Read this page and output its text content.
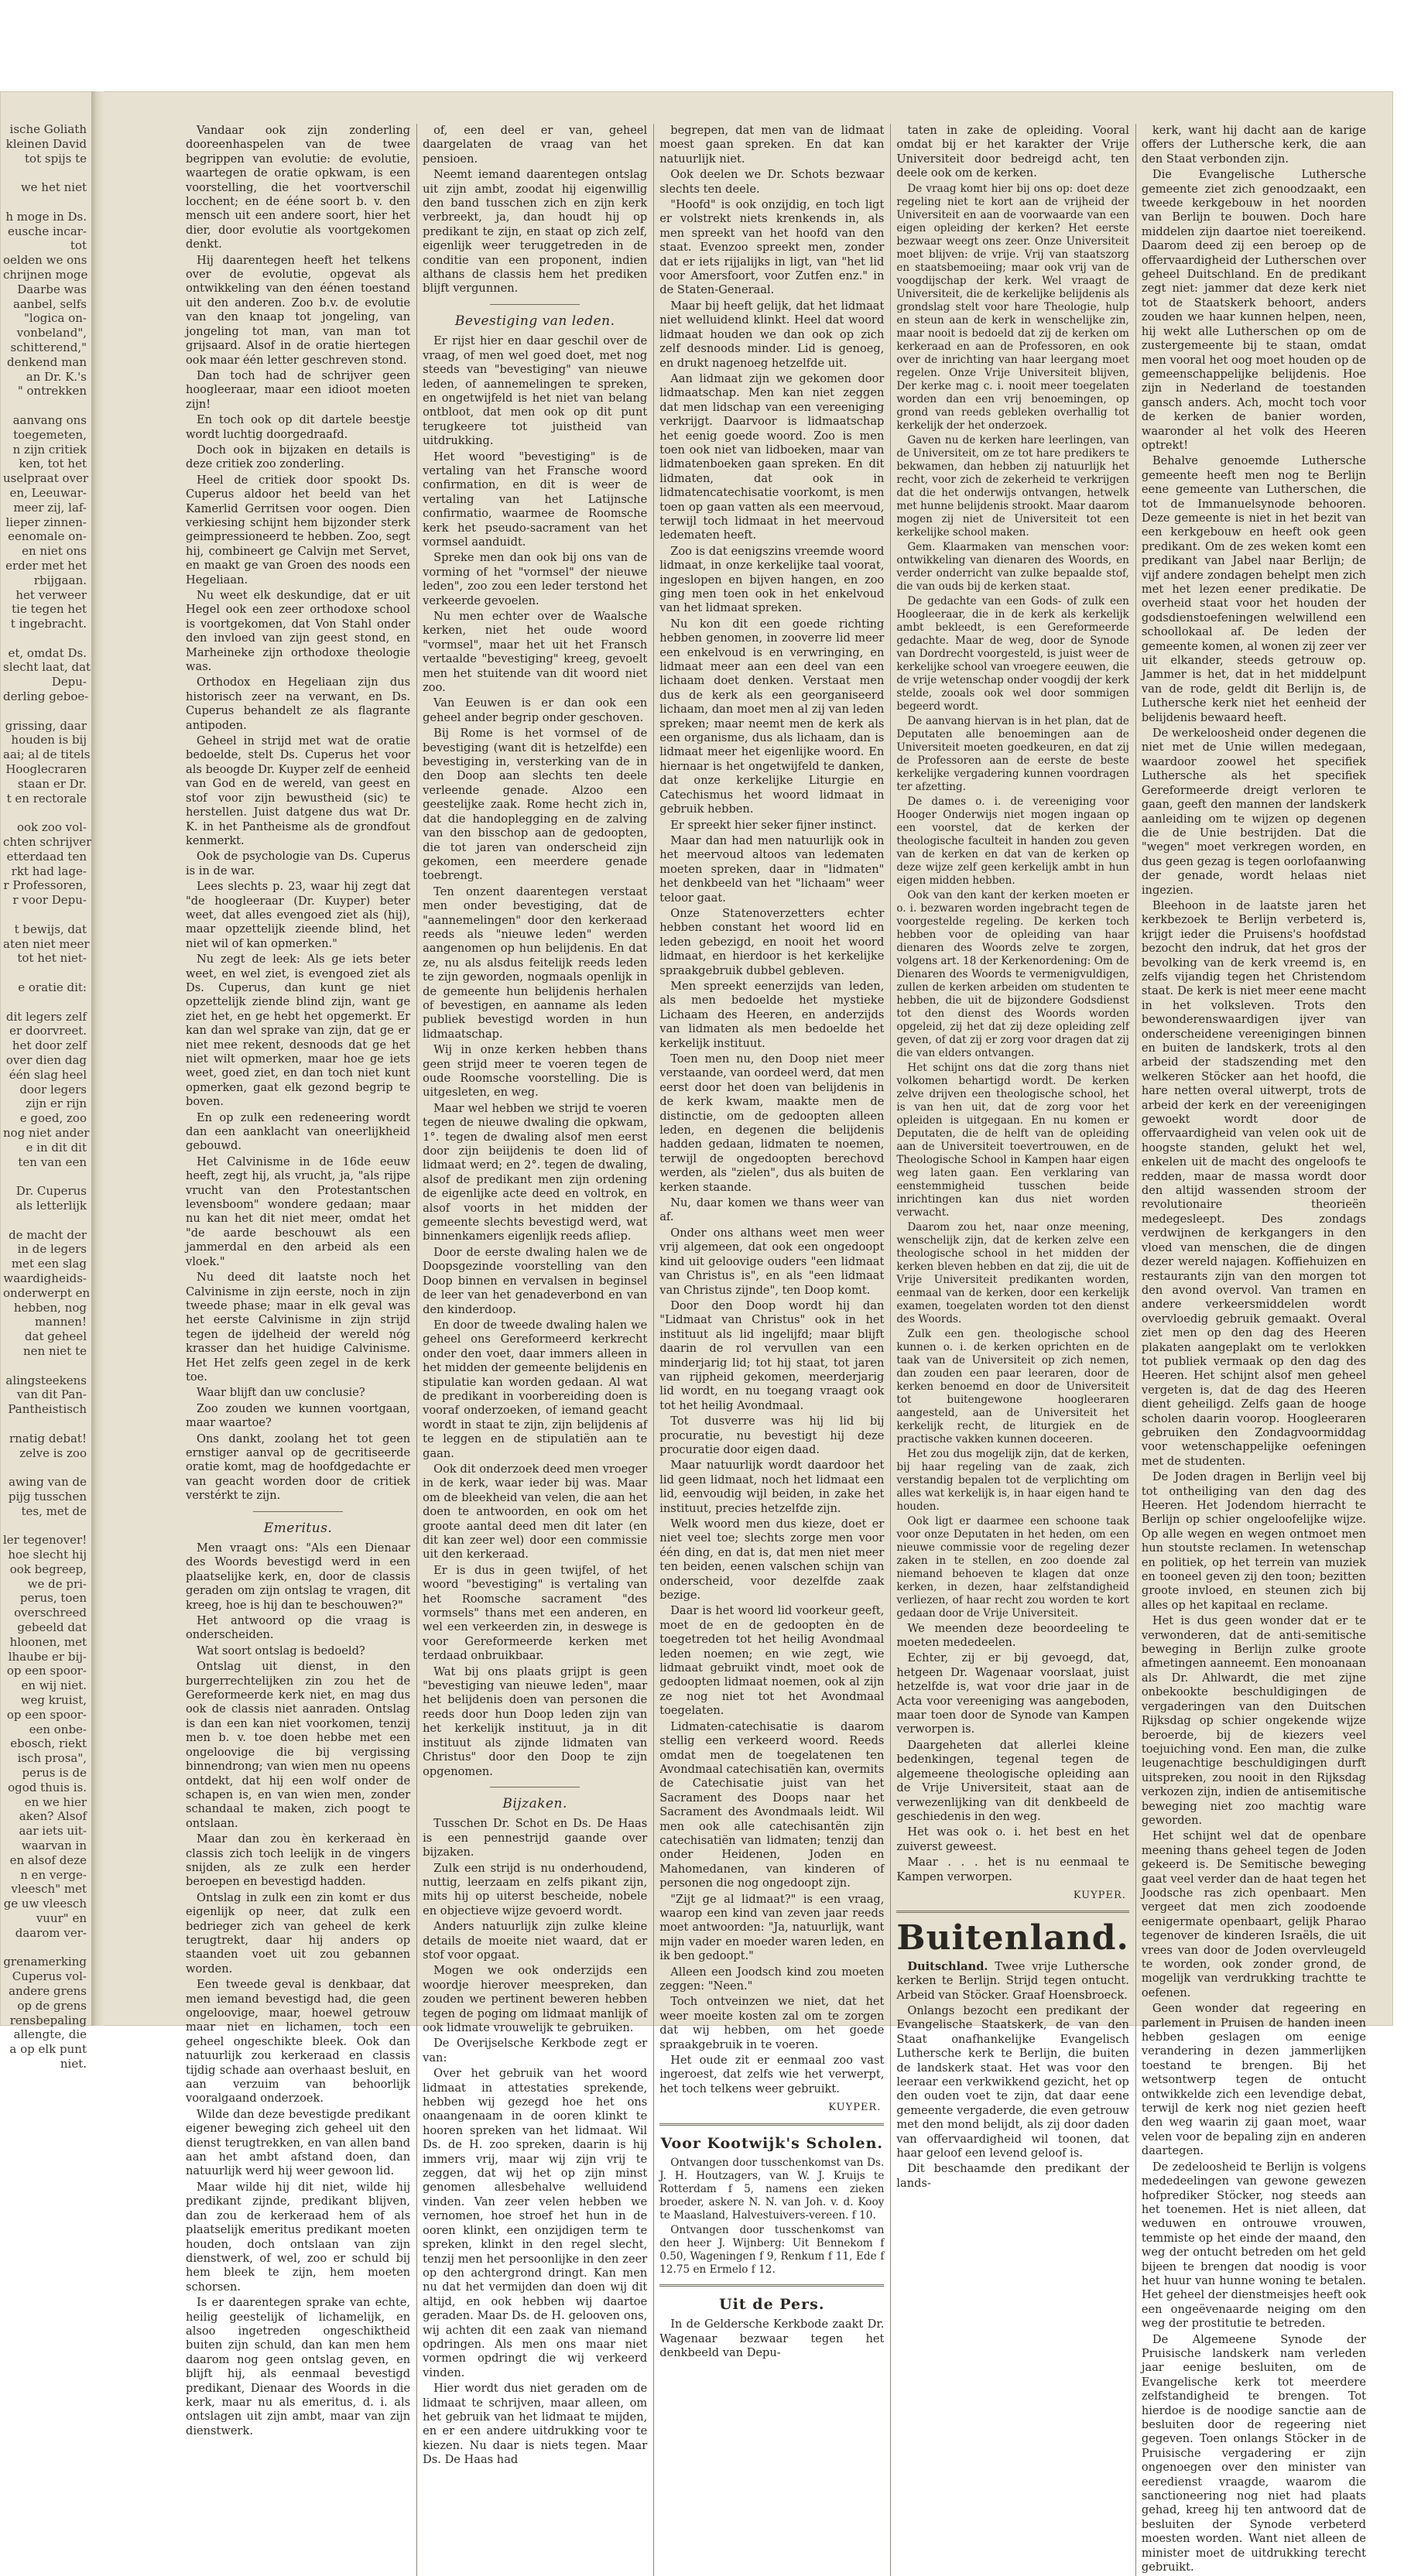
ische Goliath
kleinen David
tot spijs te

we het niet

h moge in Ds.
eusche incar-
tot
oelden we ons
chrijnen moge
Daarbe was
aanbel, selfs
"logica on-
vonbeland",
schitterend,"
denkend man
an Dr. K.'s
" ontrekken

aanvang ons
toegemeten,
n zijn critiek
ken, tot het
uselpraat over
en, Leeuwar-
meer zij, laf-
lieper zinnen-
eenomale on-
en niet ons
erder met het
rbijgaan.
het verweer
tie tegen het
t ingebracht.

et, omdat Ds.
slecht laat, dat
Depu-
derling geboe-

grissing, daar
houden is bij
aai; al de titels
Hooglecraren
staan er Dr.
t en rectorale

ook zoo vol-
chten schrijver
etterdaad ten
rkt had lage-
r Professoren,
r voor Depu-

t bewijs, dat
aten niet meer
tot het niet-

e oratie dit:

dit legers zelf
er doorvreet.
het door zelf
over dien dag
één slag heel
door legers
zijn er rijn
e goed, zoo
nog niet ander
e in dit dit
ten van een

Dr. Cuperus
als letterlijk

de macht der
in de legers
met een slag
waardigheids-
onderwerpt en
hebben, nog
mannen!
dat geheel
nen niet te

alingsteekens
van dit Pan-
Pantheistisch

rnatig debat!
zelve is zoo

awing van de
pijg tusschen
tes, met de

ler tegenover!
hoe slecht hij
ook begreep,
we de pri-
perus, toen
overschreed
gebeeld dat
hloonen, met
lhaube er bij-
op een spoor-
en wij niet.
weg kruist,
op een spoor-
een onbe-
ebosch, riekt
isch prosa",
perus is de
ogod thuis is.
en we hier
aken? Alsof
aar iets uit-
waarvan in
en alsof deze
n en verge-
vleesch" met
ge uw vleesch
vuur" en
daarom ver-

grenamerking
Cuperus vol-
andere grens
op de grens
rensbepaling
allengte, die
a op elk punt
niet.

Vandaar ook zijn zonderling dooreenhaspelen van de twee begrippen van evolutie: de evolutie, waartegen de oratie opkwam, is een voorstelling, die het voortverschil locchent; en de ééne soort b. v. den mensch uit een andere soort, hier het dier, door evolutie als voortgekomen denkt.

Hij daarentegen heeft het telkens over de evolutie, opgevat als ontwikkeling van den éénen toestand uit den anderen. Zoo b.v. de evolutie van den knaap tot jongeling, van jongeling tot man, van man tot grijsaard. Alsof in de oratie hiertegen ook maar één letter geschreven stond.

Dan toch had de schrijver geen hoogleeraar, maar een idioot moeten zijn!

En toch ook op dit dartele beestje wordt luchtig doorgedraafd.

Doch ook in bijzaken en details is deze critiek zoo zonderling.

Heel de critiek door spookt Ds. Cuperus aldoor het beeld van het Kamerlid Gerritsen voor oogen. Dien verkiesing schijnt hem bijzonder sterk geimpressioneerd te hebben. Zoo, segt hij, combineert ge Calvijn met Servet, en maakt ge van Groen des noods een Hegeliaan.

Nu weet elk deskundige, dat er uit Hegel ook een zeer orthodoxe school is voortgekomen, dat Von Stahl onder den invloed van zijn geest stond, en Marheineke zijn orthodoxe theologie was.

Orthodox en Hegeliaan zijn dus historisch zeer na verwant, en Ds. Cuperus behandelt ze als flagrante antipoden.

Geheel in strijd met wat de oratie bedoelde, stelt Ds. Cuperus het voor als beoogde Dr. Kuyper zelf de eenheid van God en de wereld, van geest en stof voor zijn bewustheid (sic) te herstellen. Juist datgene dus wat Dr. K. in het Pantheisme als de grondfout kenmerkt.

Ook de psychologie van Ds. Cuperus is in de war.

Lees slechts p. 23, waar hij zegt dat "de hoogleeraar (Dr. Kuyper) beter weet, dat alles evengoed ziet als (hij), maar opzettelijk zieende blind, het niet wil of kan opmerken."

Nu zegt de leek: Als ge iets beter weet, en wel ziet, is evengoed ziet als Ds. Cuperus, dan kunt ge niet opzettelijk ziende blind zijn, want ge ziet het, en ge hebt het opgemerkt. Er kan dan wel sprake van zijn, dat ge er niet mee rekent, desnoods dat ge het niet wilt opmerken, maar hoe ge iets weet, goed ziet, en dan toch niet kunt opmerken, gaat elk gezond begrip te boven.

En op zulk een redeneering wordt dan een aanklacht van oneerlijkheid gebouwd.

Het Calvinisme in de 16de eeuw heeft, zegt hij, als vrucht, ja, "als rijpe vrucht van den Protestantschen levensboom" wondere gedaan; maar nu kan het dit niet meer, omdat het "de aarde beschouwt als een jammerdal en den arbeid als een vloek."

Nu deed dit laatste noch het Calvinisme in zijn eerste, noch in zijn tweede phase; maar in elk geval was het eerste Calvinisme in zijn strijd tegen de ijdelheid der wereld nóg krasser dan het huidige Calvinisme. Het Het zelfs geen zegel in de kerk toe.

Waar blijft dan uw conclusie?

Zoo zouden we kunnen voortgaan, maar waartoe?

Ons dankt, zoolang het tot geen ernstiger aanval op de gecritiseerde oratie komt, mag de hoofdgedachte er van geacht worden door de critiek verstérkt te zijn.

Emeritus.

Men vraagt ons: "Als een Dienaar des Woords bevestigd werd in een plaatselijke kerk, en, door de classis geraden om zijn ontslag te vragen, dit kreeg, hoe is hij dan te beschouwen?"

Het antwoord op die vraag is onderscheiden.

Wat soort ontslag is bedoeld?

Ontslag uit dienst, in den burgerrechtelijken zin zou het de Gereformeerde kerk niet, en mag dus ook de classis niet aanraden. Ontslag is dan een kan niet voorkomen, tenzij men b. v. toe doen hebbe met een ongeloovige die bij vergissing binnendrong; van wien men nu opeens ontdekt, dat hij een wolf onder de schapen is, en van wien men, zonder schandaal te maken, zich poogt te ontslaan.

Maar dan zou èn kerkeraad èn classis zich toch leelijk in de vingers snijden, als ze zulk een herder beroepen en bevestigd hadden.

Ontslag in zulk een zin komt er dus eigenlijk op neer, dat zulk een bedrieger zich van geheel de kerk terugtrekt, daar hij anders op staanden voet uit zou gebannen worden.

Een tweede geval is denkbaar, dat men iemand bevestigd had, die geen ongeloovige, maar, hoewel getrouw maar niet en lichamen, toch een geheel ongeschikte bleek. Ook dan natuurlijk zou kerkeraad en classis tijdig schade aan overhaast besluit, en aan verzuim van behoorlijk vooralgaand onderzoek.

Wilde dan deze bevestigde predikant eigener beweging zich geheel uit den dienst terugtrekken, en van allen band aan het ambt afstand doen, dan natuurlijk werd hij weer gewoon lid.

Maar wilde hij dit niet, wilde hij predikant zijnde, predikant blijven, dan zou de kerkeraad hem of als plaatselijk emeritus predikant moeten houden, doch ontslaan van zijn dienstwerk, of wel, zoo er schuld bij hem bleek te zijn, hem moeten schorsen.

Is er daarentegen sprake van echte, heilig geestelijk of lichamelijk, en alsoo ingetreden ongeschiktheid buiten zijn schuld, dan kan men hem daarom nog geen ontslag geven, en blijft hij, als eenmaal bevestigd predikant, Dienaar des Woords in die kerk, maar nu als emeritus, d. i. als ontslagen uit zijn ambt, maar van zijn dienstwerk.

of, een deel er van, geheel daargelaten de vraag van het pensioen.

Neemt iemand daarentegen ontslag uit zijn ambt, zoodat hij eigenwillig den band tusschen zich en zijn kerk verbreekt, ja, dan houdt hij op predikant te zijn, en staat op zich zelf, eigenlijk weer teruggetreden in de conditie van een proponent, indien althans de classis hem het prediken blijft vergunnen.

Bevestiging van leden.

Er rijst hier en daar geschil over de vraag, of men wel goed doet, met nog steeds van "bevestiging" van nieuwe leden, of aannemelingen te spreken, en ongetwijfeld is het niet van belang ontbloot, dat men ook op dit punt terugkeere tot juistheid van uitdrukking.

Het woord "bevestiging" is de vertaling van het Fransche woord confirmation, en dit is weer de vertaling van het Latijnsche confirmatio, waarmee de Roomsche kerk het pseudo-sacrament van het vormsel aanduidt.

Spreke men dan ook bij ons van de vorming of het "vormsel" der nieuwe leden", zoo zou een leder terstond het verkeerde gevoelen.

Nu men echter over de Waalsche kerken, niet het oude woord "vormsel", maar het uit het Fransch vertaalde "bevestiging" kreeg, gevoelt men het stuitende van dit woord niet zoo.

Van Eeuwen is er dan ook een geheel ander begrip onder geschoven.

Bij Rome is het vormsel of de bevestiging (want dit is hetzelfde) een bevestiging in, versterking van de in den Doop aan slechts ten deele verleende genade. Alzoo een geestelijke zaak. Rome hecht zich in, dat die handoplegging en de zalving van den bisschop aan de gedoopten, die tot jaren van onderscheid zijn gekomen, een meerdere genade toebrengt.

Ten onzent daarentegen verstaat men onder bevestiging, dat de "aannemelingen" door den kerkeraad reeds als "nieuwe leden" werden aangenomen op hun belijdenis. En dat ze, nu als alsdus feitelijk reeds leden te zijn geworden, nogmaals openlijk in de gemeente hun belijdenis herhalen of bevestigen, en aanname als leden publiek bevestigd worden in hun lidmaatschap.

Wij in onze kerken hebben thans geen strijd meer te voeren tegen de oude Roomsche voorstelling. Die is uitgesleten, en weg.

Maar wel hebben we strijd te voeren tegen de nieuwe dwaling die opkwam, 1°. tegen de dwaling alsof men eerst door zijn beiijdenis te doen lid of lidmaat werd; en 2°. tegen de dwaling, alsof de predikant men zijn ordening de eigenlijke acte deed en voltrok, en alsof voorts in het midden der gemeente slechts bevestigd werd, wat binnenkamers eigenlijk reeds afliep.

Door de eerste dwaling halen we de Doopsgezinde voorstelling van den Doop binnen en vervalsen in beginsel de leer van het genadeverbond en van den kinderdoop.

En door de tweede dwaling halen we geheel ons Gereformeerd kerkrecht onder den voet, daar immers alleen in het midden der gemeente belijdenis en stipulatie kan worden gedaan. Al wat de predikant in voorbereiding doen is vooraf onderzoeken, of iemand geacht wordt in staat te zijn, zijn belijdenis af te leggen en de stipulatiën aan te gaan.

Ook dit onderzoek deed men vroeger in de kerk, waar ieder bij was. Maar om de bleekheid van velen, die aan het doen te antwoorden, en ook om het groote aantal deed men dit later (en dit kan zeer wel) door een commissie uit den kerkeraad.

Er is dus in geen twijfel, of het woord "bevestiging" is vertaling van het Roomsche sacrament "des vormsels" thans met een anderen, en wel een verkeerden zin, in deswege is voor Gereformeerde kerken met terdaad onbruikbaar.

Wat bij ons plaats grijpt is geen "bevestiging van nieuwe leden", maar het belijdenis doen van personen die reeds door hun Doop leden zijn van het kerkelijk instituut, ja in dit instituut als zijnde lidmaten van Christus" door den Doop te zijn opgenomen.

Bijzaken.

Tusschen Dr. Schot en Ds. De Haas is een pennestrijd gaande over bijzaken.

Zulk een strijd is nu onderhoudend, nuttig, leerzaam en zelfs pikant zijn, mits hij op uiterst bescheide, nobele en objectieve wijze gevoerd wordt.

Anders natuurlijk zijn zulke kleine details de moeite niet waard, dat er stof voor opgaat.

Mogen we ook onderzijds een woordje hierover meespreken, dan zouden we pertinent beweren hebben tegen de poging om lidmaat manlijk of ook lidmate vrouwelijk te gebruiken.

De Overijselsche Kerkbode zegt er van:

Over het gebruik van het woord lidmaat in attestaties sprekende, hebben wij gezegd hoe het ons onaangenaam in de ooren klinkt te hooren spreken van het lidmaat. Wil Ds. de H. zoo spreken, daarin is hij immers vrij, maar wij zijn vrij te zeggen, dat wij het op zijn minst genomen allesbehalve welluidend vinden. Van zeer velen hebben we vernomen, hoe stroef het hun in de ooren klinkt, een onzijdigen term te spreken, klinkt in den regel slecht, tenzij men het persoonlijke in den zeer op den achtergrond dringt. Kan men nu dat het vermijden dan doen wij dit altijd, en ook hebben wij daartoe geraden. Maar Ds. de H. gelooven ons, wij achten dit een zaak van niemand opdringen. Als men ons maar niet vormen opdringt die wij verkeerd vinden.

Hier wordt dus niet geraden om de lidmaat te schrijven, maar alleen, om het gebruik van het lidmaat te mijden, en er een andere uitdrukking voor te kiezen. Nu daar is niets tegen. Maar Ds. De Haas had

begrepen, dat men van de lidmaat moest gaan spreken. En dat kan natuurlijk niet.

Ook deelen we Dr. Schots bezwaar slechts ten deele.

"Hoofd" is ook onzijdig, en toch ligt er volstrekt niets krenkends in, als men spreekt van het hoofd van den staat. Evenzoo spreekt men, zonder dat er iets rijjalijks in ligt, van "het lid voor Amersfoort, voor Zutfen enz." in de Staten-Generaal.

Maar bij heeft gelijk, dat het lidmaat niet welluidend klinkt. Heel dat woord lidmaat houden we dan ook op zich zelf desnoods minder. Lid is genoeg, en drukt nagenoeg hetzelfde uit.

Aan lidmaat zijn we gekomen door lidmaatschap. Men kan niet zeggen dat men lidschap van een vereeniging verkrijgt. Daarvoor is lidmaatschap het eenig goede woord. Zoo is men toen ook niet van lidboeken, maar van lidmatenboeken gaan spreken. En dit lidmaten, dat ook in lidmatencatechisatie voorkomt, is men toen op gaan vatten als een meervoud, terwijl toch lidmaat in het meervoud ledematen heeft.

Zoo is dat eenigszins vreemde woord lidmaat, in onze kerkelijke taal voorat, ingeslopen en bijven hangen, en zoo ging men toen ook in het enkelvoud van het lidmaat spreken.

Nu kon dit een goede richting hebben genomen, in zooverre lid meer een enkelvoud is en verwringing, en lidmaat meer aan een deel van een lichaam doet denken. Verstaat men dus de kerk als een georganiseerd lichaam, dan moet men al zij van leden spreken; maar neemt men de kerk als een organisme, dus als lichaam, dan is lidmaat meer het eigenlijke woord. En hiernaar is het ongetwijfeld te danken, dat onze kerkelijke Liturgie en Catechismus het woord lidmaat in gebruik hebben.

Er spreekt hier seker fijner instinct.

Maar dan had men natuurlijk ook in het meervoud altoos van ledematen moeten spreken, daar in "lidmaten" het denkbeeld van het "lichaam" weer teloor gaat.

Onze Statenoverzetters echter hebben constant het woord lid en leden gebezigd, en nooit het woord lidmaat, en hierdoor is het kerkelijke spraakgebruik dubbel gebleven.

Men spreekt eenerzijds van leden, als men bedoelde het mystieke Lichaam des Heeren, en anderzijds van lidmaten als men bedoelde het kerkelijk instituut.

Toen men nu, den Doop niet meer verstaande, van oordeel werd, dat men eerst door het doen van belijdenis in de kerk kwam, maakte men de distinctie, om de gedoopten alleen leden, en degenen die belijdenis hadden gedaan, lidmaten te noemen, terwijl de ongedoopten berechovd werden, als "zielen", dus als buiten de kerken staande.

Nu, daar komen we thans weer van af.

Onder ons althans weet men weer vrij algemeen, dat ook een ongedoopt kind uit geloovige ouders "een lidmaat van Christus is", en als "een lidmaat van Christus zijnde", ten Doop komt.

Door den Doop wordt hij dan "Lidmaat van Christus" ook in het instituut als lid ingelijfd; maar blijft daarin de rol vervullen van een minderjarig lid; tot hij staat, tot jaren van rijpheid gekomen, meerderjarig lid wordt, en nu toegang vraagt ook tot het heilig Avondmaal.

Tot dusverre was hij lid bij procuratie, nu bevestigt hij deze procuratie door eigen daad.

Maar natuurlijk wordt daardoor het lid geen lidmaat, noch het lidmaat een lid, eenvoudig wijl beiden, in zake het instituut, precies hetzelfde zijn.

Welk woord men dus kieze, doet er niet veel toe; slechts zorge men voor één ding, en dat is, dat men niet meer ten beiden, eenen valschen schijn van onderscheid, voor dezelfde zaak bezige.

Daar is het woord lid voorkeur geeft, moet de en de gedoopten èn de toegetreden tot het heilig Avondmaal leden noemen; en wie zegt, wie lidmaat gebruikt vindt, moet ook de gedoopten lidmaat noemen, ook al zijn ze nog niet tot het Avondmaal toegelaten.

Lidmaten-catechisatie is daarom stellig een verkeerd woord. Reeds omdat men de toegelatenen ten Avondmaal catechisatiën kan, overmits de Catechisatie juist van het Sacrament des Doops naar het Sacrament des Avondmaals leidt. Wil men ook alle catechisantën zijn catechisatiën van lidmaten; tenzij dan onder Heidenen, Joden en Mahomedanen, van kinderen of personen die nog ongedoopt zijn.

"Zijt ge al lidmaat?" is een vraag, waarop een kind van zeven jaar reeds moet antwoorden: "Ja, natuurlijk, want mijn vader en moeder waren leden, en ik ben gedoopt."

Alleen een Joodsch kind zou moeten zeggen: "Neen."

Toch ontveinzen we niet, dat het weer moeite kosten zal om te zorgen dat wij hebben, om het goede spraakgebruik in te voeren.

Het oude zit er eenmaal zoo vast ingeroest, dat zelfs wie het verwerpt, het toch telkens weer gebruikt.

KUYPER.
Voor Kootwijk's Scholen.

Ontvangen door tusschenkomst van Ds. J. H. Houtzagers, van W. J. Kruijs te Rotterdam f 5, namens een zieken broeder, askere N. N. van Joh. v. d. Kooy te Maasland, Halvestuivers-vereen. f 10.

Ontvangen door tusschenkomst van den heer J. Wijnberg: Uit Bennekom f 0.50, Wageningen f 9, Renkum f 11, Ede f 12.75 en Ermelo f 12.

Uit de Pers.

In de Geldersche Kerkbode zaakt Dr. Wagenaar bezwaar tegen het denkbeeld van Depu-

taten in zake de opleiding. Vooral omdat bij er het karakter der Vrije Universiteit door bedreigd acht, ten deele ook om de kerken.

De vraag komt hier bij ons op: doet deze regeling niet te kort aan de vrijheid der Universiteit en aan de voorwaarde van een eigen opleiding der kerken? Het eerste bezwaar weegt ons zeer. Onze Universiteit moet blijven: de vrije. Vrij van staatszorg en staatsbemoeiing; maar ook vrij van de voogdijschap der kerk. Wel vraagt de Universiteit, die de kerkelijke belijdenis als grondslag stelt voor hare Theologie, hulp en steun aan de kerk in wenschelijke zin, maar nooit is bedoeld dat zij de kerken om kerkeraad en aan de Professoren, en ook over de inrichting van haar leergang moet regelen. Onze Vrije Universiteit blijven, Der kerke mag c. i. nooit meer toegelaten worden dan een vrij benoemingen, op grond van reeds gebleken overhallig tot kerkelijk der het onderzoek.

Gaven nu de kerken hare leerlingen, van de Universiteit, om ze tot hare predikers te bekwamen, dan hebben zij natuurlijk het recht, voor zich de zekerheid te verkrijgen dat die het onderwijs ontvangen, hetwelk met hunne belijdenis strookt. Maar daarom mogen zij niet de Universiteit tot een kerkelijke school maken.

Gem. Klaarmaken van menschen voor: ontwikkeling van dienaren des Woords, en verder onderricht van zulke bepaalde stof, die van ouds bij de kerken staat.

De gedachte van een Gods- of zulk een Hoogleeraar, die in de kerk als kerkelijk ambt bekleedt, is een Gereformeerde gedachte. Maar de weg, door de Synode van Dordrecht voorgesteld, is juist weer de kerkelijke school van vroegere eeuwen, die de vrije wetenschap onder voogdij der kerk stelde, zooals ook wel door sommigen begeerd wordt.

De aanvang hiervan is in het plan, dat de Deputaten alle benoemingen aan de Universiteit moeten goedkeuren, en dat zij de Professoren aan de eerste de beste kerkelijke vergadering kunnen voordragen ter afzetting.

De dames o. i. de vereeniging voor Hooger Onderwijs niet mogen ingaan op een voorstel, dat de kerken der theologische faculteit in handen zou geven van de kerken en dat van de kerken op deze wijze zelf geen kerkelijk ambt in hun eigen midden hebben.

Ook van den kant der kerken moeten er o. i. bezwaren worden ingebracht tegen de voorgestelde regeling. De kerken toch hebben voor de opleiding van haar dienaren des Woords zelve te zorgen, volgens art. 18 der Kerkenordening: Om de Dienaren des Woords te vermenigvuldigen, zullen de kerken arbeiden om studenten te hebben, die uit de bijzondere Godsdienst tot den dienst des Woords worden opgeleid, zij het dat zij deze opleiding zelf geven, of dat zij er zorg voor dragen dat zij die van elders ontvangen.

Het schijnt ons dat die zorg thans niet volkomen behartigd wordt. De kerken zelve drijven een theologische school, het is van hen uit, dat de zorg voor het opleiden is uitgegaan. En nu komen er Deputaten, die de helft van de opleiding aan de Universiteit toevertrouwen, en de Theologische School in Kampen haar eigen weg laten gaan. Een verklaring van eenstemmigheid tusschen beide inrichtingen kan dus niet worden verwacht.

Daarom zou het, naar onze meening, wenschelijk zijn, dat de kerken zelve een theologische school in het midden der kerken bleven hebben en dat zij, die uit de Vrije Universiteit predikanten worden, eenmaal van de kerken, door een kerkelijk examen, toegelaten worden tot den dienst des Woords.

Zulk een gen. theologische school kunnen o. i. de kerken oprichten en de taak van de Universiteit op zich nemen, dan zouden een paar leeraren, door de kerken benoemd en door de Universiteit tot buitengewone hoogleeraren aangesteld, aan de Universiteit het kerkelijk recht, de liturgiek en de practische vakken kunnen doceeren.

Het zou dus mogelijk zijn, dat de kerken, bij haar regeling van de zaak, zich verstandig bepalen tot de verplichting om alles wat kerkelijk is, in haar eigen hand te houden.

Ook ligt er daarmee een schoone taak voor onze Deputaten in het heden, om een nieuwe commissie voor de regeling dezer zaken in te stellen, en zoo doende zal niemand behoeven te klagen dat onze kerken, in dezen, haar zelfstandigheid verliezen, of haar recht zou worden te kort gedaan door de Vrije Universiteit.

We meenden deze beoordeeling te moeten mededeelen.

Echter, zij er bij gevoegd, dat, hetgeen Dr. Wagenaar voorslaat, juist hetzelfde is, wat voor drie jaar in de Acta voor vereeniging was aangeboden, maar toen door de Synode van Kampen verworpen is.

Daargeheten dat allerlei kleine bedenkingen, tegenal tegen de algemeene theologische opleiding aan de Vrije Universiteit, staat aan de verwezenlijking van dit denkbeeld de geschiedenis in den weg.

Het was ook o. i. het best en het zuiverst geweest.

Maar . . . het is nu eenmaal te Kampen verworpen.

KUYPER.
Buitenland.

Duitschland. Twee vrije Luthersche kerken te Berlijn. Strijd tegen ontucht. Arbeid van Stöcker. Graaf Hoensbroeck.

Onlangs bezocht een predikant der Evangelische Staatskerk, de van den Staat onafhankelijke Evangelisch Luthersche kerk te Berlijn, die buiten de landskerk staat. Het was voor den leeraar een verkwikkend gezicht, het op den ouden voet te zijn, dat daar eene gemeente vergaderde, die even getrouw met den mond belijdt, als zij door daden van offervaardigheid wil toonen, dat haar geloof een levend geloof is.

Dit beschaamde den predikant der lands-

kerk, want hij dacht aan de karige offers der Luthersche kerk, die aan den Staat verbonden zijn.

Die Evangelische Luthersche gemeente ziet zich genoodzaakt, een tweede kerkgebouw in het noorden van Berlijn te bouwen. Doch hare middelen zijn daartoe niet toereikend. Daarom deed zij een beroep op de offervaardigheid der Lutherschen over geheel Duitschland. En de predikant zegt niet: jammer dat deze kerk niet tot de Staatskerk behoort, anders zouden we haar kunnen helpen, neen, hij wekt alle Lutherschen op om de zustergemeente bij te staan, omdat men vooral het oog moet houden op de gemeenschappelijke belijdenis. Hoe zijn in Nederland de toestanden gansch anders. Ach, mocht toch voor de kerken de banier worden, waaronder al het volk des Heeren optrekt!

Behalve genoemde Luthersche gemeente heeft men nog te Berlijn eene gemeente van Lutherschen, die tot de Immanuelsynode behooren. Deze gemeente is niet in het bezit van een kerkgebouw en heeft ook geen predikant. Om de zes weken komt een predikant van Jabel naar Berlijn; de vijf andere zondagen behelpt men zich met het lezen eener predikatie. De overheid staat voor het houden der godsdienstoefeningen welwillend een schoollokaal af. De leden der gemeente komen, al wonen zij zeer ver uit elkander, steeds getrouw op. Jammer is het, dat in het middelpunt van de rode, geldt dit Berlijn is, de Luthersche kerk niet het eenheid der belijdenis bewaard heeft.

De werkeloosheid onder degenen die niet met de Unie willen medegaan, waardoor zoowel het specifiek Luthersche als het specifiek Gereformeerde dreigt verloren te gaan, geeft den mannen der landskerk aanleiding om te wijzen op degenen die de Unie bestrijden. Dat die "wegen" moet verkregen worden, en dus geen gezag is tegen oorlofaanwing der genade, wordt helaas niet ingezien.

Bleehoon in de laatste jaren het kerkbezoek te Berlijn verbeterd is, krijgt ieder die Pruisens's hoofdstad bezocht den indruk, dat het gros der bevolking van de kerk vreemd is, en zelfs vijandig tegen het Christendom staat. De kerk is niet meer eene macht in het volksleven. Trots den bewonderenswaardigen ijver van onderscheidene vereenigingen binnen en buiten de landskerk, trots al den arbeid der stadszending met den welkeren Stöcker aan het hoofd, die hare netten overal uitwerpt, trots de arbeid der kerk en der vereenigingen gewoekt wordt door de offervaardigheid van velen ook uit de hoogste standen, gelukt het wel, enkelen uit de macht des ongeloofs te redden, maar de massa wordt door den altijd wassenden stroom der revolutionaire theorieën medegesleept. Des zondags verdwijnen de kerkgangers in den vloed van menschen, die de dingen dezer wereld najagen. Koffiehuizen en restaurants zijn van den morgen tot den avond overvol. Van tramen en andere verkeersmiddelen wordt overvloedig gebruik gemaakt. Overal ziet men op den dag des Heeren plakaten aangeplakt om te verlokken tot publiek vermaak op den dag des Heeren. Het schijnt alsof men geheel vergeten is, dat de dag des Heeren dient geheiligd. Zelfs gaan de hooge scholen daarin voorop. Hoogleeraren gebruiken den Zondagvoormiddag voor wetenschappelijke oefeningen met de studenten.

De Joden dragen in Berlijn veel bij tot ontheiliging van den dag des Heeren. Het Jodendom hierracht te Berlijn op schier ongeloofelijke wijze. Op alle wegen en wegen ontmoet men hun stoutste reclamen. In wetenschap en politiek, op het terrein van muziek en tooneel geven zij den toon; bezitten groote invloed, en steunen zich bij alles op het kapitaal en reclame.

Het is dus geen wonder dat er te verwonderen, dat de anti-semitische beweging in Berlijn zulke groote afmetingen aanneemt. Een monoanaan als Dr. Ahlwardt, die met zijne onbekookte beschuldigingen de vergaderingen van den Duitschen Rijksdag op schier ongekende wijze beroerde, bij de kiezers veel toejuiching vond. Een man, die zulke leugenachtige beschuldigingen durft uitspreken, zou nooit in den Rijksdag verkozen zijn, indien de antisemitische beweging niet zoo machtig ware geworden.

Het schijnt wel dat de openbare meening thans geheel tegen de Joden gekeerd is. De Semitische beweging gaat veel verder dan de haat tegen het Joodsche ras zich openbaart. Men vergeet dat men zich zoodoende eenigermate openbaart, gelijk Pharao tegenover de kinderen Israëls, die uit vrees van door de Joden overvleugeld te worden, ook zonder grond, de mogelijk van verdrukking trachtte te oefenen.

Geen wonder dat regeering en parlement in Pruisen de handen ineen hebben geslagen om eenige verandering in dezen jammerlijken toestand te brengen. Bij het wetsontwerp tegen de ontucht ontwikkelde zich een levendige debat, terwijl de kerk nog niet gezien heeft den weg waarin zij gaan moet, waar velen voor de bepaling zijn en anderen daartegen.

De zedeloosheid te Berlijn is volgens mededeelingen van gewone gewezen hofprediker Stöcker, nog steeds aan het toenemen. Het is niet alleen, dat weduwen en ontrouwe vrouwen, temmiste op het einde der maand, den weg der ontucht betreden om het geld bijeen te brengen dat noodig is voor het huur van hunne woning te betalen. Het geheel der dienstmeisjes heeft ook een ongeëvenaarde neiging om den weg der prostitutie te betreden.

De Algemeene Synode der Pruisische landskerk nam verleden jaar eenige besluiten, om de Evangelische kerk tot meerdere zelfstandigheid te brengen. Tot hierdoe is de noodige sanctie aan de besluiten door de regeering niet gegeven. Toen onlangs Stöcker in de Pruisische vergadering er zijn ongenoegen over den minister van eeredienst vraagde, waarom die sanctioneering nog niet had plaats gehad, kreeg hij ten antwoord dat de besluiten der Synode verbeterd moesten worden. Want niet alleen de minister moet de uitdrukking terecht gebruikt.
